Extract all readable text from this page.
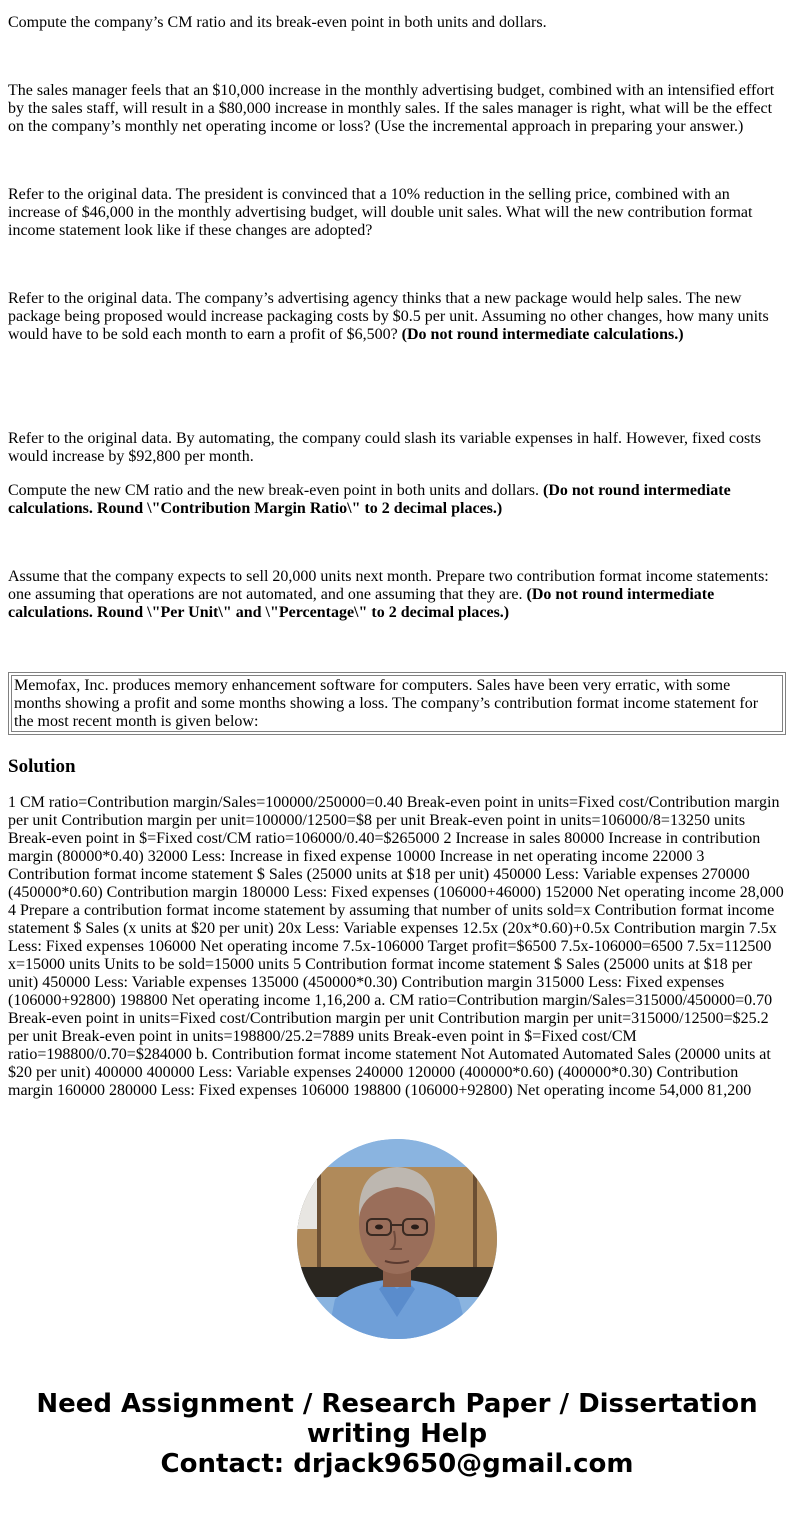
Compute the company’s CM ratio and its break-even point in both units and dollars.

The sales manager feels that an $10,000 increase in the monthly advertising budget, combined with an intensified effort by the sales staff, will result in a $80,000 increase in monthly sales. If the sales manager is right, what will be the effect on the company’s monthly net operating income or loss? (Use the incremental approach in preparing your answer.)

Refer to the original data. The president is convinced that a 10% reduction in the selling price, combined with an increase of $46,000 in the monthly advertising budget, will double unit sales. What will the new contribution format income statement look like if these changes are adopted?

Refer to the original data. The company’s advertising agency thinks that a new package would help sales. The new package being proposed would increase packaging costs by $0.5 per unit. Assuming no other changes, how many units would have to be sold each month to earn a profit of $6,500? (Do not round intermediate calculations.)

Refer to the original data. By automating, the company could slash its variable expenses in half. However, fixed costs would increase by $92,800 per month.

Compute the new CM ratio and the new break-even point in both units and dollars. (Do not round intermediate calculations. Round \"Contribution Margin Ratio\" to 2 decimal places.)

Assume that the company expects to sell 20,000 units next month. Prepare two contribution format income statements: one assuming that operations are not automated, and one assuming that they are. (Do not round intermediate calculations. Round \"Per Unit\" and \"Percentage\" to 2 decimal places.)

Memofax, Inc. produces memory enhancement software for computers. Sales have been very erratic, with some months showing a profit and some months showing a loss. The company’s contribution format income statement for the most recent month is given below:
Solution
1 CM ratio=Contribution margin/Sales=100000/250000=0.40 Break-even point in units=Fixed cost/Contribution margin per unit Contribution margin per unit=100000/12500=$8 per unit Break-even point in units=106000/8=13250 units Break-even point in $=Fixed cost/CM ratio=106000/0.40=$265000 2 Increase in sales 80000 Increase in contribution margin (80000*0.40) 32000 Less: Increase in fixed expense 10000 Increase in net operating income 22000 3 Contribution format income statement $ Sales (25000 units at $18 per unit) 450000 Less: Variable expenses 270000 (450000*0.60) Contribution margin 180000 Less: Fixed expenses (106000+46000) 152000 Net operating income 28,000 4 Prepare a contribution format income statement by assuming that number of units sold=x Contribution format income statement $ Sales (x units at $20 per unit) 20x Less: Variable expenses 12.5x (20x*0.60)+0.5x Contribution margin 7.5x Less: Fixed expenses 106000 Net operating income 7.5x-106000 Target profit=$6500 7.5x-106000=6500 7.5x=112500 x=15000 units Units to be sold=15000 units 5 Contribution format income statement $ Sales (25000 units at $18 per unit) 450000 Less: Variable expenses 135000 (450000*0.30) Contribution margin 315000 Less: Fixed expenses (106000+92800) 198800 Net operating income 1,16,200 a. CM ratio=Contribution margin/Sales=315000/450000=0.70 Break-even point in units=Fixed cost/Contribution margin per unit Contribution margin per unit=315000/12500=$25.2 per unit Break-even point in units=198800/25.2=7889 units Break-even point in $=Fixed cost/CM ratio=198800/0.70=$284000 b. Contribution format income statement Not Automated Automated Sales (20000 units at $20 per unit) 400000 400000 Less: Variable expenses 240000 120000 (400000*0.60) (400000*0.30) Contribution margin 160000 280000 Less: Fixed expenses 106000 198800 (106000+92800) Net operating income 54,000 81,200
Need Assignment / Research Paper / Dissertation writing Help
Contact: drjack9650@gmail.com
